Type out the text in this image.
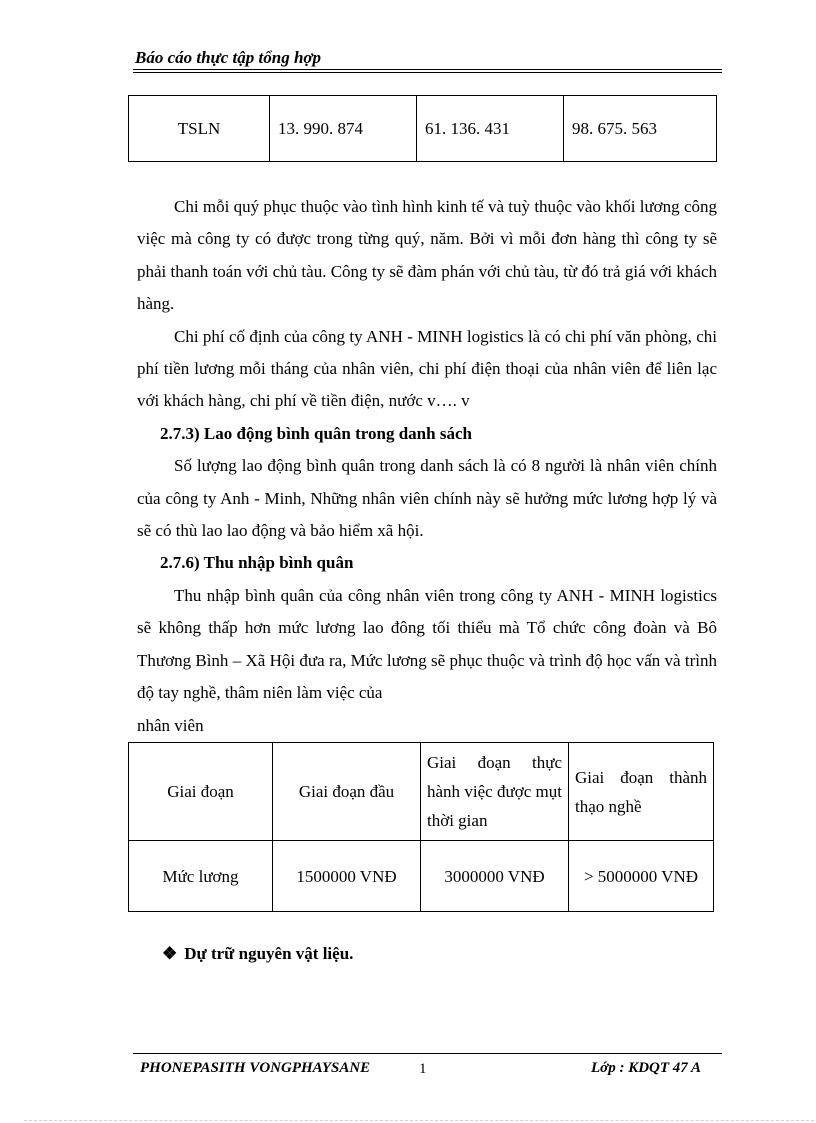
Báo cáo thực tập tổng hợp
TSLN	13. 990. 874	61. 136. 431	98. 675. 563

Chi mỗi quý phục thuộc vào tình hình kinh tế và tuỳ thuộc vào khối lương công việc mà công ty có được trong từng quý, năm. Bởi vì mỗi đơn hàng thì công ty sẽ phải thanh toán với chủ tàu. Công ty sẽ đàm phán với chủ tàu, từ đó trả giá với khách hàng.

Chi phí cố định của công ty ANH - MINH logistics là có chi phí văn phòng, chi phí tiền lương mỗi tháng của nhân viên, chi phí điện thoại của nhân viên để liên lạc với khách hàng, chi phí về tiền điện, nước v…. v

2.7.3) Lao động bình quân trong danh sách

Số lượng lao động bình quân trong danh sách là có 8 người là nhân viên chính của công ty Anh - Minh, Những nhân viên chính này sẽ hưởng mức lương hợp lý và sẽ có thù lao lao động và bảo hiểm xã hội.

2.7.6) Thu nhập bình quân

Thu nhập bình quân của công nhân viên trong công ty ANH - MINH logistics sẽ không thấp hơn mức lương lao đông tối thiểu mà Tổ chức công đoàn và Bô Thương Bình – Xã Hội đưa ra, Mức lương sẽ phục thuộc và trình độ học vấn và trình độ tay nghề, thâm niên làm việc của

nhân viên

Giai đoạn	Giai đoạn đầu	Giai đoạn thực hành việc được mụt thời gian	Giai đoạn thành thạo nghề
Mức lương	1500000 VNĐ	3000000 VNĐ	> 5000000 VNĐ
❖ Dự trữ nguyên vật liệu.
PHONEPASITH VONGPHAYSANE	1	Lớp : KDQT 47 A
